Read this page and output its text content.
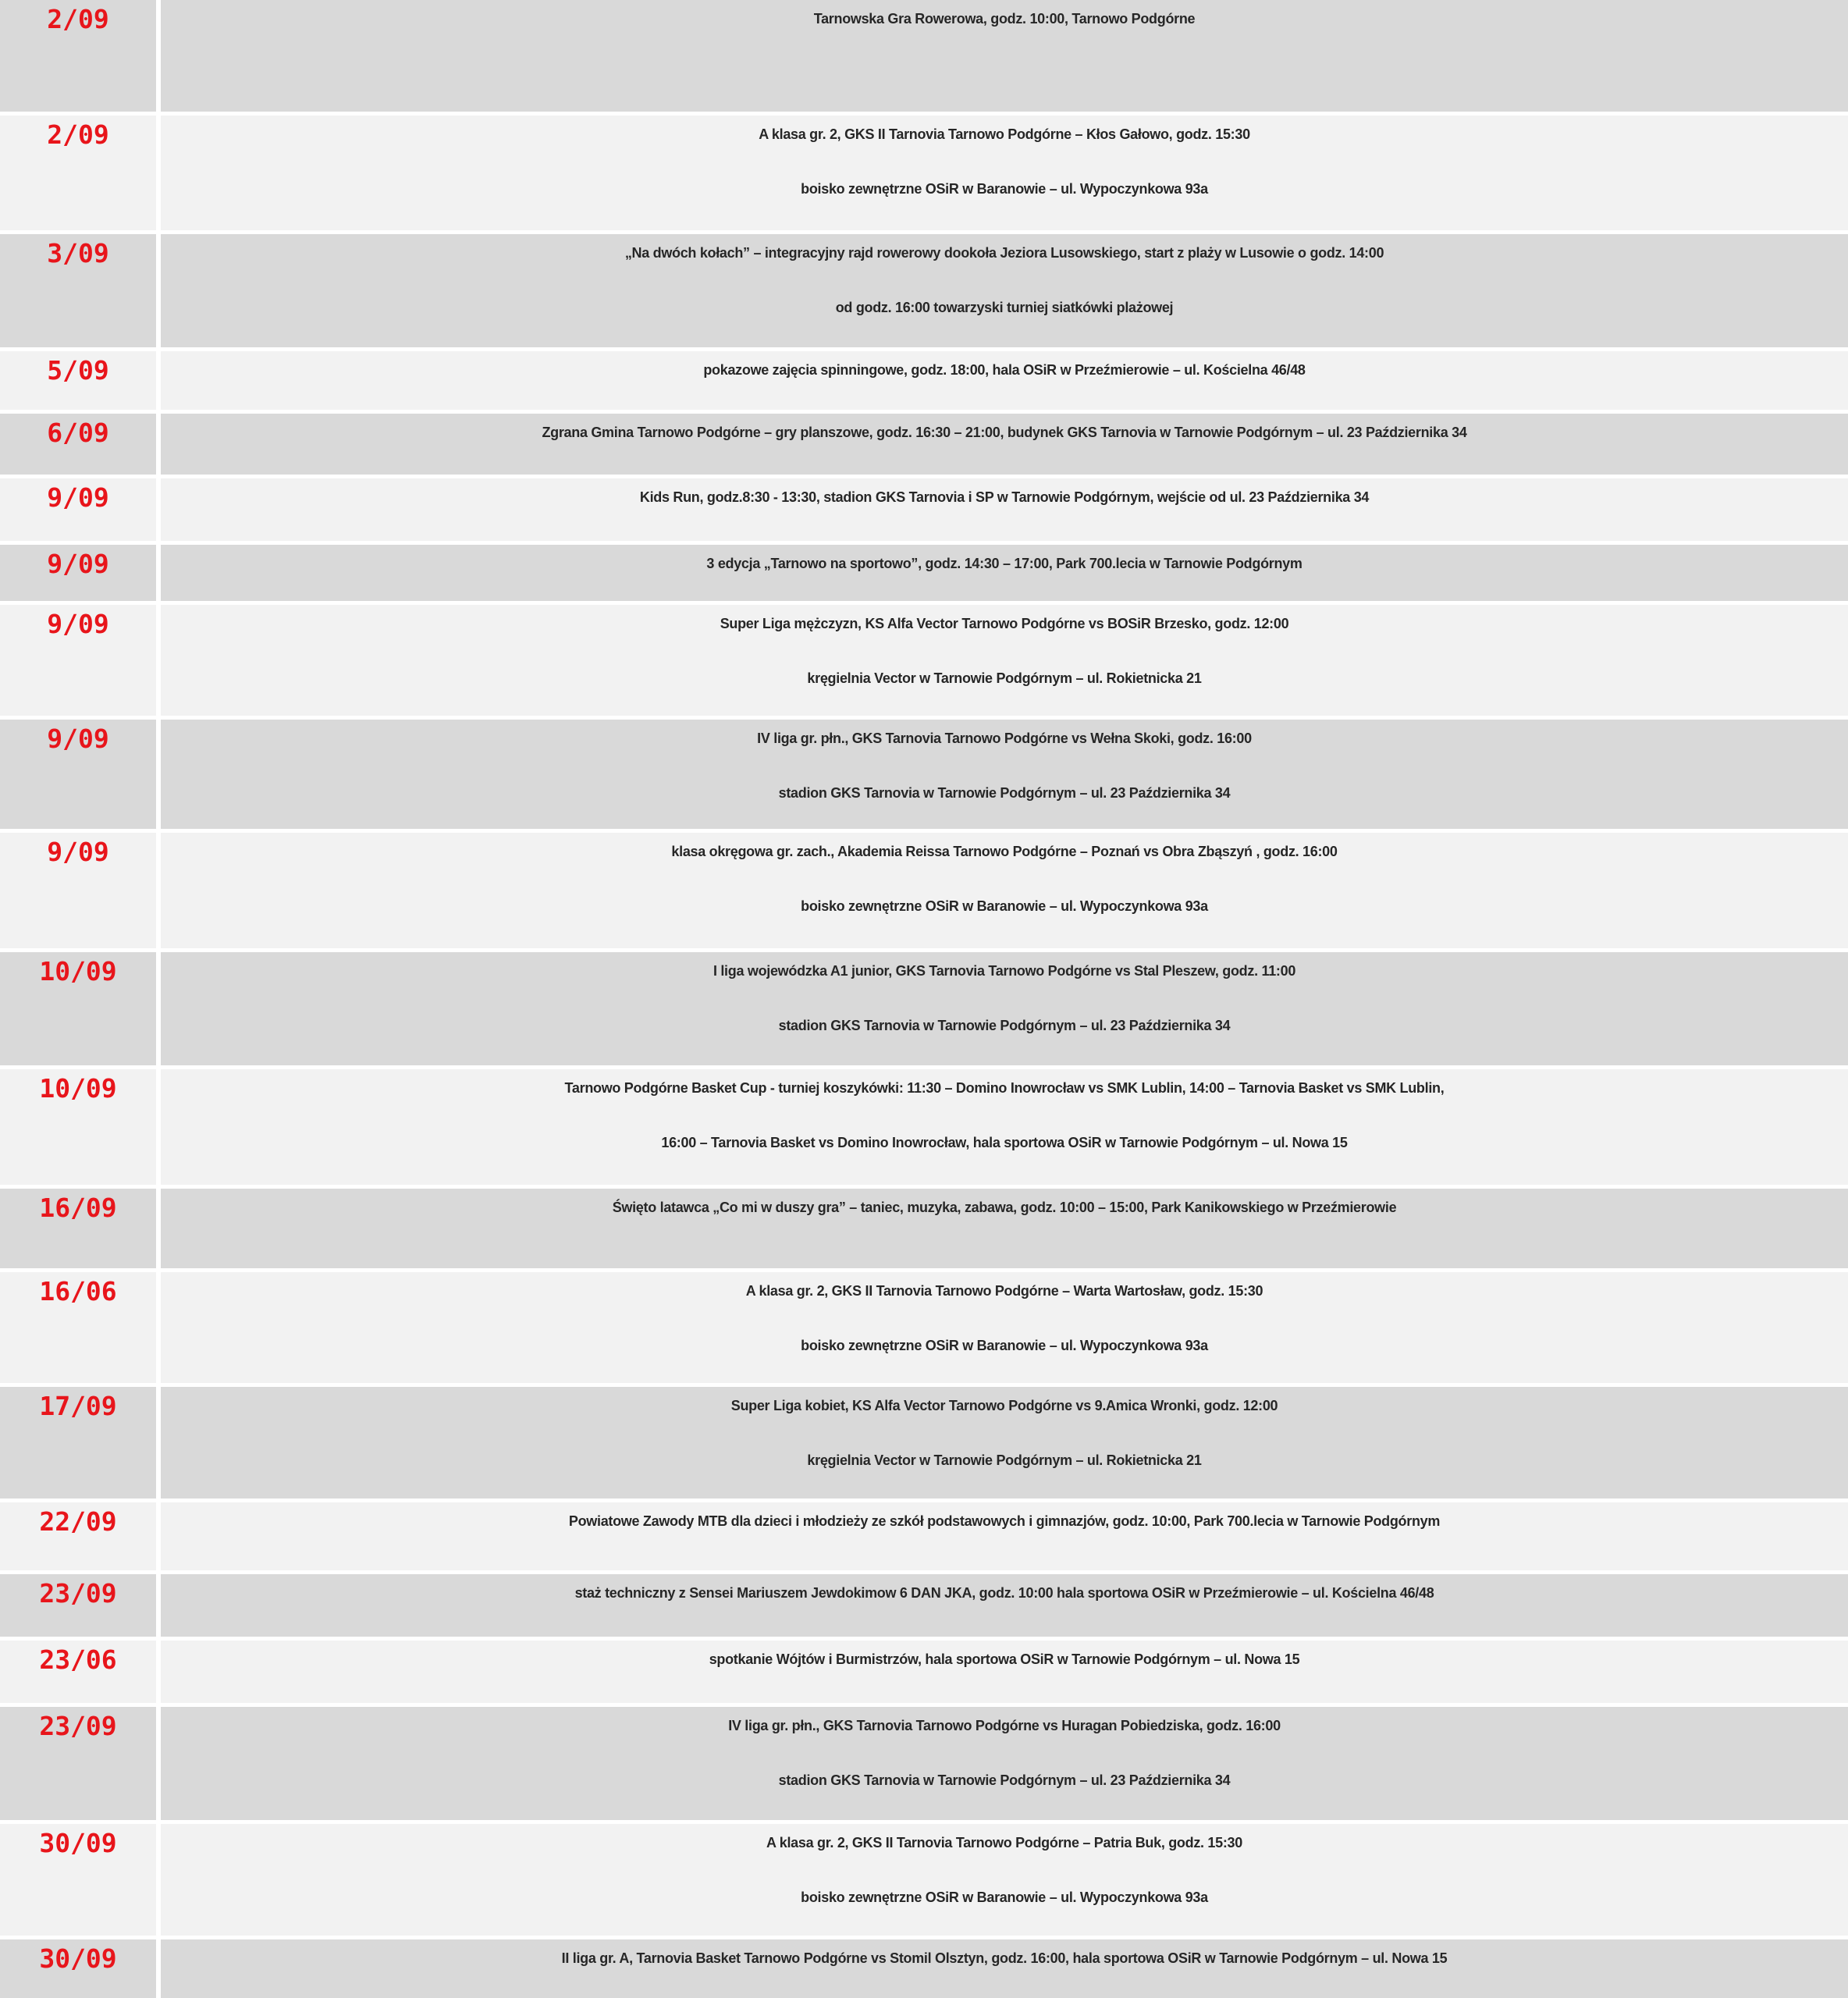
2/09	Tarnowska Gra Rowerowa, godz. 10:00, Tarnowo Podgórne
2/09	A klasa gr. 2, GKS II Tarnovia Tarnowo Podgórne – Kłos Gałowo, godz. 15:30
boisko zewnętrzne OSiR w Baranowie – ul. Wypoczynkowa 93a
3/09	„Na dwóch kołach” – integracyjny rajd rowerowy dookoła Jeziora Lusowskiego, start z plaży w Lusowie o godz. 14:00
od godz. 16:00 towarzyski turniej siatkówki plażowej
5/09	pokazowe zajęcia spinningowe, godz. 18:00, hala OSiR w Przeźmierowie – ul. Kościelna 46/48
6/09	Zgrana Gmina Tarnowo Podgórne – gry planszowe, godz. 16:30 – 21:00, budynek GKS Tarnovia w Tarnowie Podgórnym – ul. 23 Października 34
9/09	Kids Run, godz.8:30 - 13:30, stadion GKS Tarnovia i SP w Tarnowie Podgórnym, wejście od ul. 23 Października 34
9/09	3 edycja „Tarnowo na sportowo”, godz. 14:30 – 17:00, Park 700.lecia w Tarnowie Podgórnym
9/09	Super Liga mężczyzn, KS Alfa Vector Tarnowo Podgórne vs BOSiR Brzesko, godz. 12:00
kręgielnia Vector w Tarnowie Podgórnym – ul. Rokietnicka 21
9/09	IV liga gr. płn., GKS Tarnovia Tarnowo Podgórne vs Wełna Skoki, godz. 16:00
stadion GKS Tarnovia w Tarnowie Podgórnym – ul. 23 Października 34
9/09	klasa okręgowa gr. zach., Akademia Reissa Tarnowo Podgórne – Poznań vs Obra Zbąszyń , godz. 16:00
boisko zewnętrzne OSiR w Baranowie – ul. Wypoczynkowa 93a
10/09	I liga wojewódzka A1 junior, GKS Tarnovia Tarnowo Podgórne vs Stal Pleszew, godz. 11:00
stadion GKS Tarnovia w Tarnowie Podgórnym – ul. 23 Października 34
10/09	Tarnowo Podgórne Basket Cup - turniej koszykówki: 11:30 – Domino Inowrocław vs SMK Lublin, 14:00 – Tarnovia Basket vs SMK Lublin,
16:00 – Tarnovia Basket vs Domino Inowrocław, hala sportowa OSiR w Tarnowie Podgórnym – ul. Nowa 15
16/09	Święto latawca „Co mi w duszy gra” – taniec, muzyka, zabawa, godz. 10:00 – 15:00, Park Kanikowskiego w Przeźmierowie
16/06	A klasa gr. 2, GKS II Tarnovia Tarnowo Podgórne – Warta Wartosław, godz. 15:30
boisko zewnętrzne OSiR w Baranowie – ul. Wypoczynkowa 93a
17/09	Super Liga kobiet, KS Alfa Vector Tarnowo Podgórne vs 9.Amica Wronki, godz. 12:00
kręgielnia Vector w Tarnowie Podgórnym – ul. Rokietnicka 21
22/09	Powiatowe Zawody MTB dla dzieci i młodzieży ze szkół podstawowych i gimnazjów, godz. 10:00, Park 700.lecia w Tarnowie Podgórnym
23/09	staż techniczny z Sensei Mariuszem Jewdokimow 6 DAN JKA, godz. 10:00 hala sportowa OSiR w Przeźmierowie – ul. Kościelna 46/48
23/06	spotkanie Wójtów i Burmistrzów, hala sportowa OSiR w Tarnowie Podgórnym – ul. Nowa 15
23/09	IV liga gr. płn., GKS Tarnovia Tarnowo Podgórne vs Huragan Pobiedziska, godz. 16:00
stadion GKS Tarnovia w Tarnowie Podgórnym – ul. 23 Października 34
30/09	A klasa gr. 2, GKS II Tarnovia Tarnowo Podgórne – Patria Buk, godz. 15:30
boisko zewnętrzne OSiR w Baranowie – ul. Wypoczynkowa 93a
30/09	II liga gr. A, Tarnovia Basket Tarnowo Podgórne vs Stomil Olsztyn, godz. 16:00, hala sportowa OSiR w Tarnowie Podgórnym – ul. Nowa 15
